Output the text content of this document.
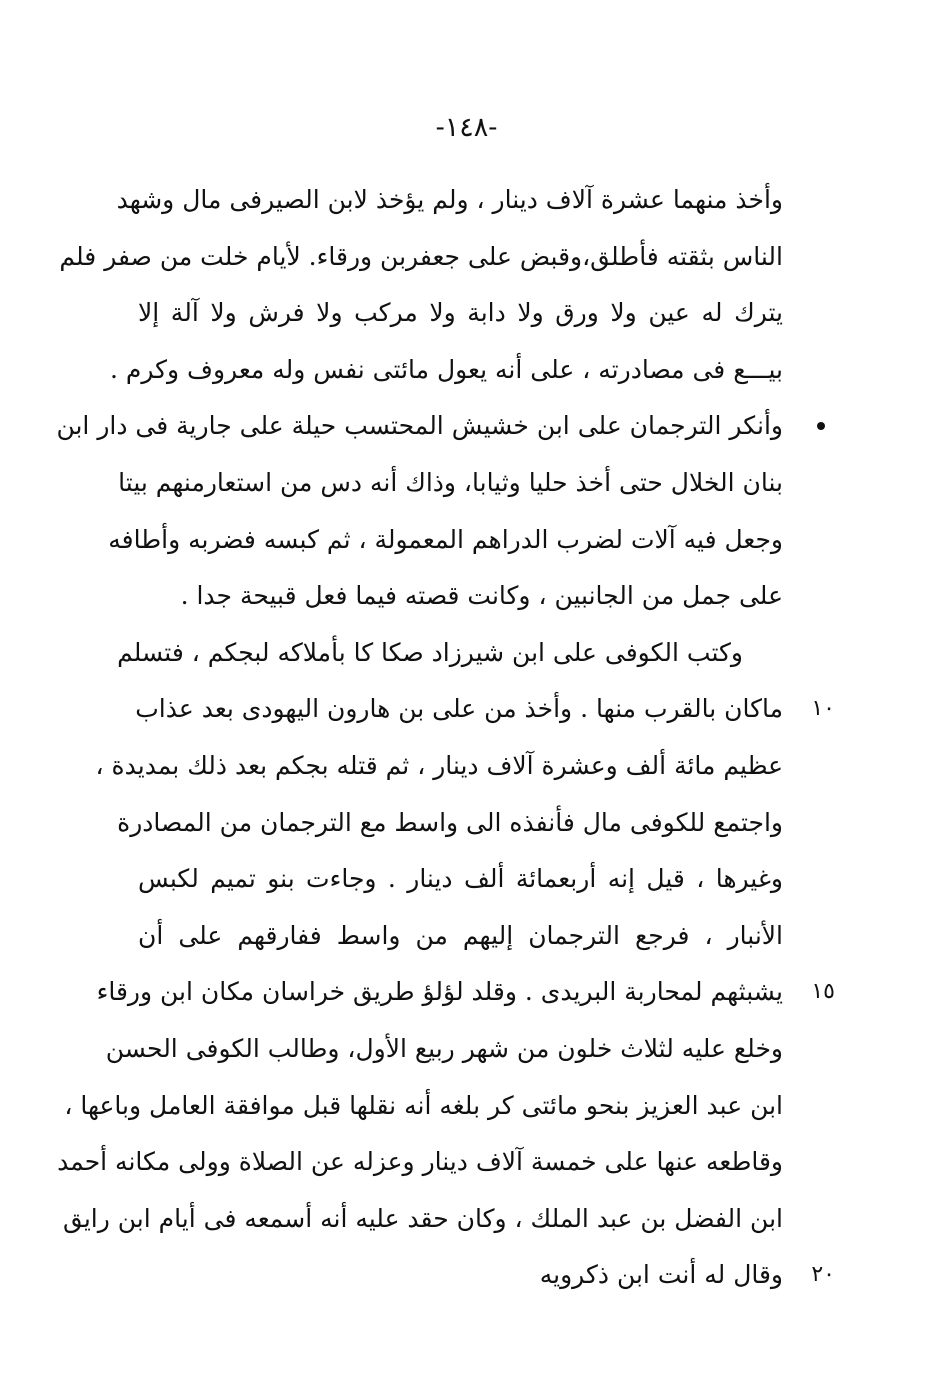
-١٤٨-
وأخذ منهما عشرة آلاف دينار ، ولم يؤخذ لابن الصيرفى مال وشهد
الناس بثقته فأطلق،وقبض على جعفربن ورقاء. لأيام خلت من صفر فلم
يترك له عين ولا ورق ولا دابة ولا مركب ولا فرش ولا آلة إلا
بيـــع فى مصادرته ، على أنه يعول مائتى نفس وله معروف وكرم .
وأنكر الترجمان على ابن خشيش المحتسب حيلة على جارية فى دار ابن
بنان الخلال حتى أخذ حليا وثيابا، وذاك أنه دس من استعارمنهم بيتا
وجعل فيه آلات لضرب الدراهم المعمولة ، ثم كبسه فضربه وأطافه
على جمل من الجانبين ، وكانت قصته فيما فعل قبيحة جدا .
وكتب الكوفى على ابن شيرزاد صكا كا بأملاكه لبجكم ، فتسلم
ماكان بالقرب منها . وأخذ من على بن هارون اليهودى بعد عذاب	١٠
عظيم مائة ألف وعشرة آلاف دينار ، ثم قتله بجكم بعد ذلك بمديدة ،
واجتمع للكوفى مال فأنفذه الى واسط مع الترجمان من المصادرة
وغيرها ، قيل إنه أربعمائة ألف دينار . وجاءت بنو تميم لكبس
الأنبار ، فرجع الترجمان إليهم من واسط ففارقهم على أن
يشبثهم لمحاربة البريدى . وقلد لؤلؤ طريق خراسان مكان ابن ورقاء	١٥
وخلع عليه لثلاث خلون من شهر ربيع الأول، وطالب الكوفى الحسن
ابن عبد العزيز بنحو مائتى كر بلغه أنه نقلها قبل موافقة العامل وباعها ،
وقاطعه عنها على خمسة آلاف دينار وعزله عن الصلاة وولى مكانه أحمد
ابن الفضل بن عبد الملك ، وكان حقد عليه أنه أسمعه فى أيام ابن رايق
وقال له أنت ابن ذكرويه	٢٠
